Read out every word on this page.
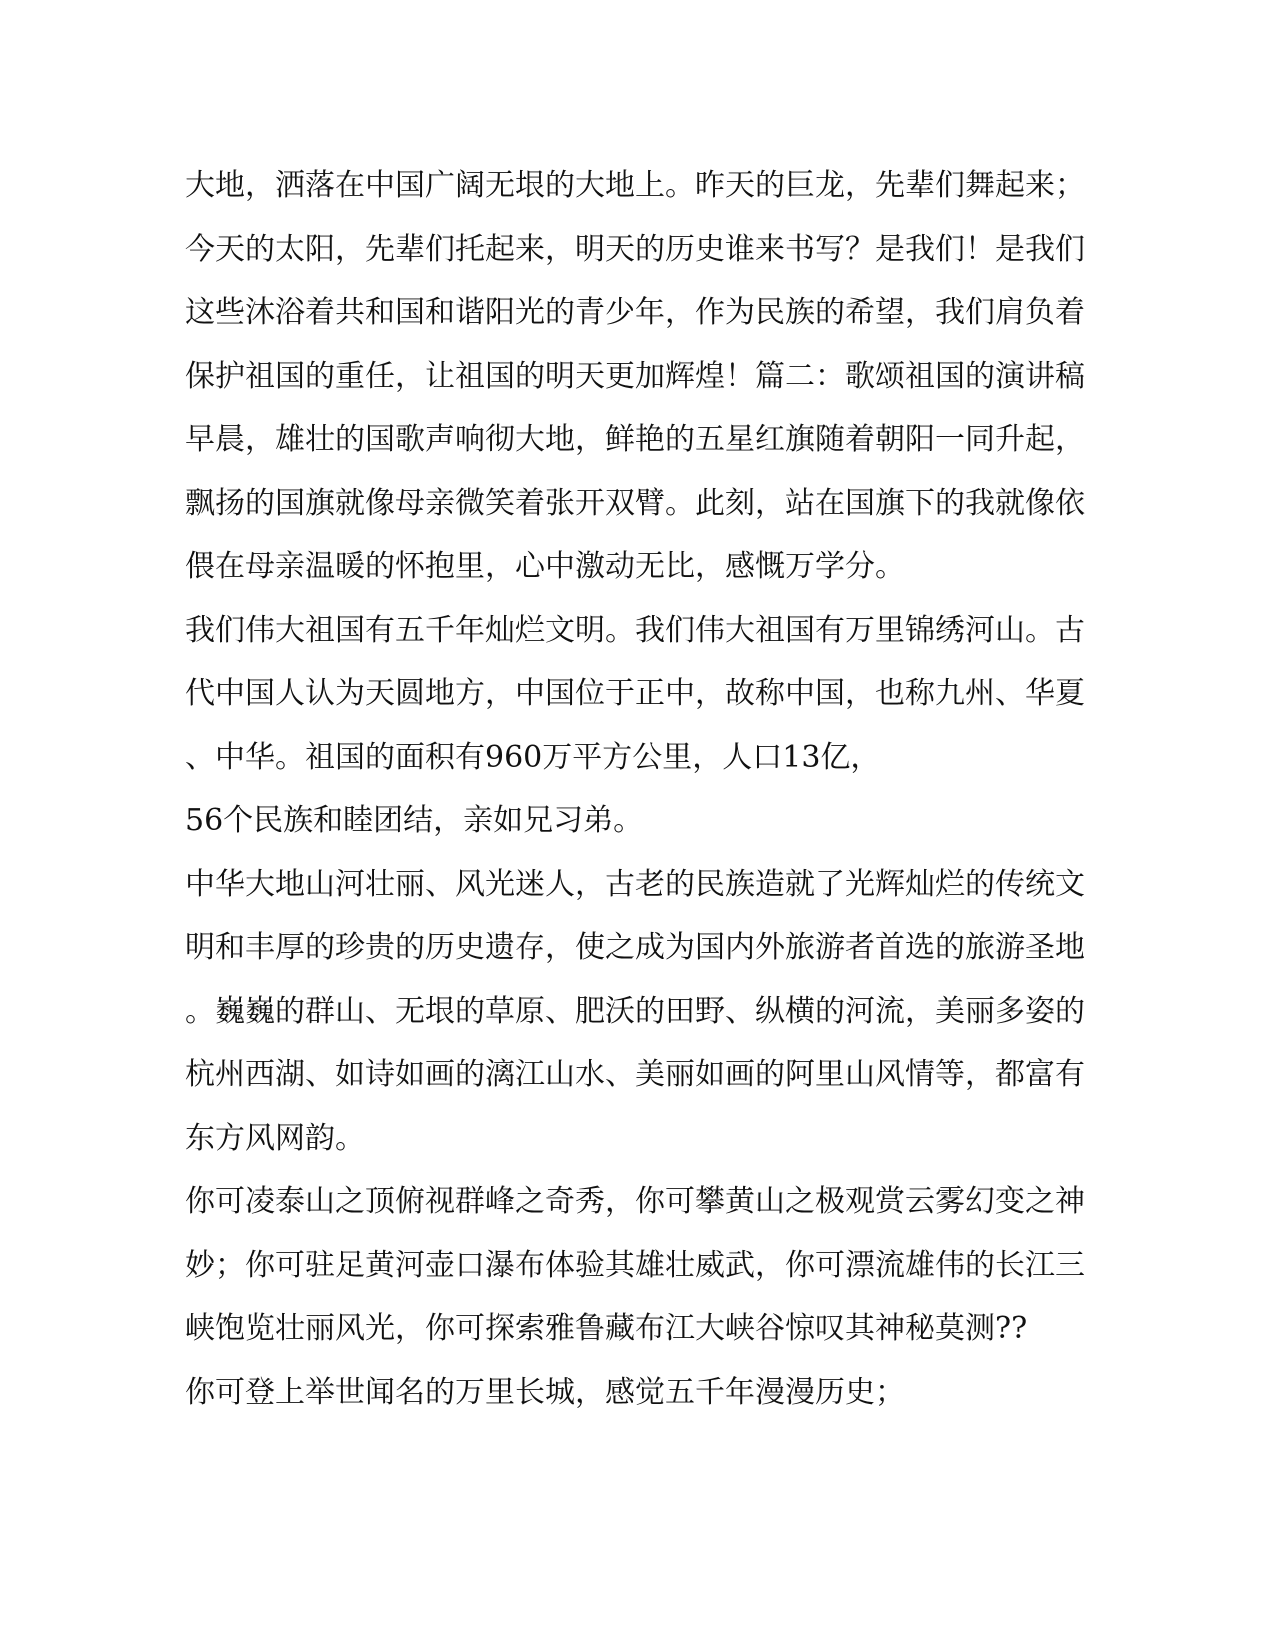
大地，洒落在中国广阔无垠的大地上。昨天的巨龙，先辈们舞起来；
今天的太阳，先辈们托起来，明天的历史谁来书写？是我们！是我们
这些沐浴着共和国和谐阳光的青少年，作为民族的希望，我们肩负着
保护祖国的重任，让祖国的明天更加辉煌！篇二：歌颂祖国的演讲稿
早晨，雄壮的国歌声响彻大地，鲜艳的五星红旗随着朝阳一同升起，
飘扬的国旗就像母亲微笑着张开双臂。此刻，站在国旗下的我就像依
偎在母亲温暖的怀抱里，心中激动无比，感慨万学分。
我们伟大祖国有五千年灿烂文明。我们伟大祖国有万里锦绣河山。古
代中国人认为天圆地方，中国位于正中，故称中国，也称九州、华夏
、中华。祖国的面积有960万平方公里，人口13亿，
56个民族和睦团结，亲如兄习弟。
中华大地山河壮丽、风光迷人，古老的民族造就了光辉灿烂的传统文
明和丰厚的珍贵的历史遗存，使之成为国内外旅游者首选的旅游圣地
。巍巍的群山、无垠的草原、肥沃的田野、纵横的河流，美丽多姿的
杭州西湖、如诗如画的漓江山水、美丽如画的阿里山风情等，都富有
东方风网韵。
你可凌泰山之顶俯视群峰之奇秀，你可攀黄山之极观赏云雾幻变之神
妙；你可驻足黄河壶口瀑布体验其雄壮威武，你可漂流雄伟的长江三
峡饱览壮丽风光，你可探索雅鲁藏布江大峡谷惊叹其神秘莫测??
你可登上举世闻名的万里长城，感觉五千年漫漫历史；
